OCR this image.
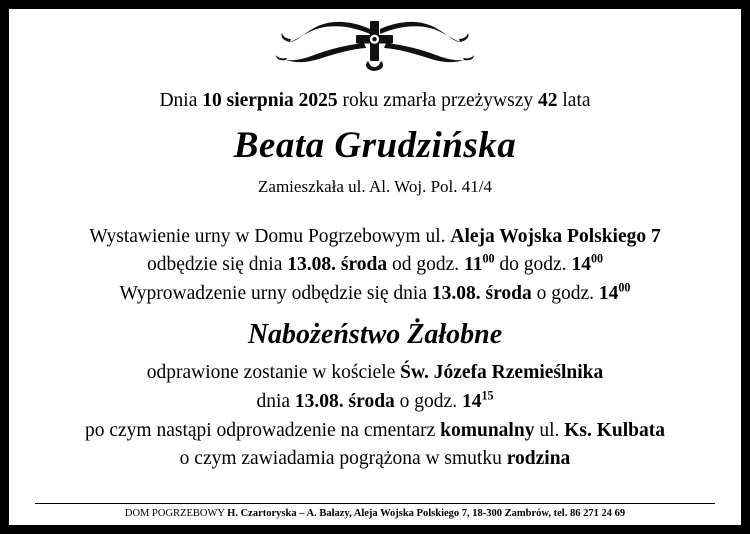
Dnia 10 sierpnia 2025 roku zmarła przeżywszy 42 lata
Beata Grudzińska
Zamieszkała ul. Al. Woj. Pol. 41/4
Wystawienie urny w Domu Pogrzebowym ul. Aleja Wojska Polskiego 7
odbędzie się dnia 13.08. środa od godz. $11^{00}$ do godz. $14^{00}$
Wyprowadzenie urny odbędzie się dnia 13.08. środa o godz. $14^{00}$
Nabożeństwo Żałobne
odprawione zostanie w kościele Św. Józefa Rzemieślnika
dnia 13.08. środa o godz. $14^{15}$
po czym nastąpi odprowadzenie na cmentarz komunalny ul. Ks. Kulbata
o czym zawiadamia pogrążona w smutku rodzina
DOM POGRZEBOWY H. Czartoryska – A. Bałazy, Aleja Wojska Polskiego 7, 18-300 Zambrów, tel. 86 271 24 69
